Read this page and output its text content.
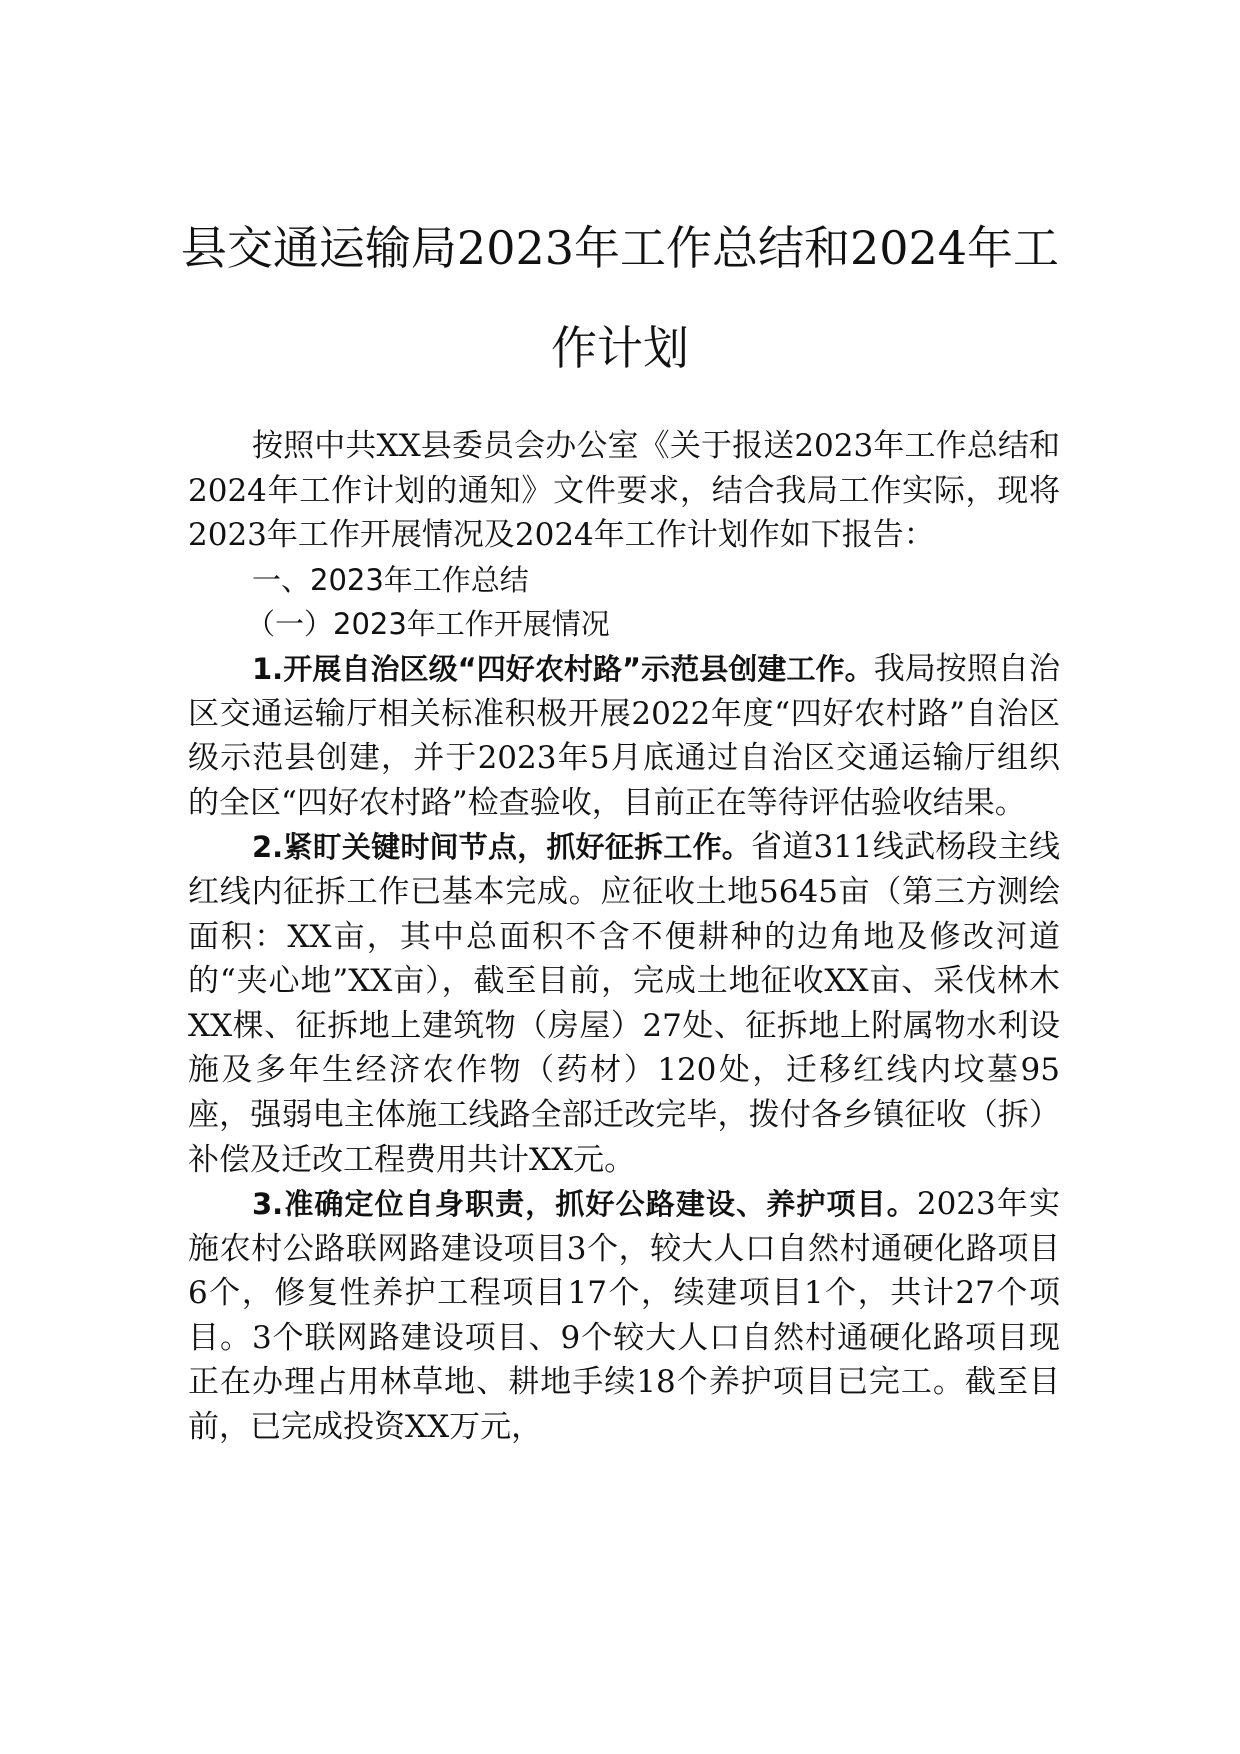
县交通运输局2023年工作总结和2024年工
作计划

按照中共XX县委员会办公室《关于报送2023年工作总结和2024年工作计划的通知》文件要求，结合我局工作实际，现将2023年工作开展情况及2024年工作计划作如下报告：

一、2023年工作总结

（一）2023年工作开展情况

1.开展自治区级“四好农村路”示范县创建工作。我局按照自治区交通运输厅相关标准积极开展2022年度“四好农村路”自治区级示范县创建，并于2023年5月底通过自治区交通运输厅组织的全区“四好农村路”检查验收，目前正在等待评估验收结果。

2.紧盯关键时间节点，抓好征拆工作。省道311线武杨段主线红线内征拆工作已基本完成。应征收土地5645亩（第三方测绘面积：XX亩，其中总面积不含不便耕种的边角地及修改河道的“夹心地”XX亩），截至目前，完成土地征收XX亩、采伐林木XX棵、征拆地上建筑物（房屋）27处、征拆地上附属物水利设施及多年生经济农作物（药材）120处，迁移红线内坟墓95座，强弱电主体施工线路全部迁改完毕，拨付各乡镇征收（拆）补偿及迁改工程费用共计XX元。

3.准确定位自身职责，抓好公路建设、养护项目。2023年实施农村公路联网路建设项目3个，较大人口自然村通硬化路项目6个，修复性养护工程项目17个，续建项目1个，共计27个项目。3个联网路建设项目、9个较大人口自然村通硬化路项目现正在办理占用林草地、耕地手续18个养护项目已完工。截至目前，已完成投资XX万元，
